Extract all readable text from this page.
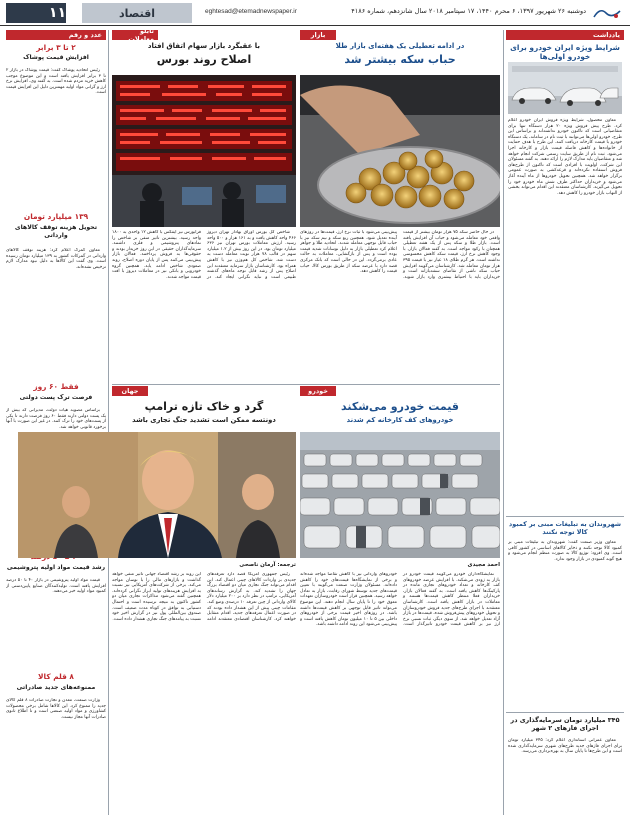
دوشنبه ۲۶ شهریور ۱۳۹۷، ۶ محرم ۱۴۴۰، ۱۷ سپتامبر ۲۰۱۸ سال شانزدهم، شماره ۴۱۸۶
eghtesad@etemadnewspaper.ir
اقتصاد
۱۱
یادداشت
شرایط ویژه ایران خودرو برای خودرو اولی‌ها

معاون محصول، شرایط ویژه فروش ایران خودرو اعلام کرد. طرح پیش فروش ویژه ۲۰ هزار دستگاه تنها برای متقاضیانی است که تاکنون خودرو نداشته‌اند و براساس این طرح، خودرو اولی‌ها می‌توانند با ثبت نام در سامانه، یک دستگاه خودرو با قیمت کارخانه دریافت کنند. این طرح با هدف حمایت از خانواده‌ها و کاهش فاصله قیمت بازار و کارخانه اجرا می‌شود. ثبت نام از طریق سایت رسمی شرکت انجام خواهد شد و متقاضیان باید مدارک لازم را ارائه دهند. به گفته مسئولان این شرکت، اولویت با افرادی است که تاکنون از طرح‌های فروش استفاده نکرده‌اند و قرعه‌کشی به صورت عمومی برگزار خواهد شد. همچنین تحویل خودروها از ماه آینده آغاز می‌شود و خریداران حداکثر ظرف شش ماه خودرو خود را تحویل می‌گیرند. کارشناسان معتقدند این اقدام می‌تواند بخشی از التهاب بازار خودرو را کاهش دهد.

شهروندان به تبلیغات مبنی بر کمبود کالا توجه نکنند

معاون وزیر صنعت گفت: شهروندان به تبلیغات مبنی بر کمبود کالا توجه نکنند و ذخایر کالاهای اساسی در کشور کافی است. وی افزود: توزیع کالا به صورت منظم انجام می‌شود و هیچ گونه کمبودی در بازار وجود ندارد.

۳۴۵ میلیارد تومان سرمایه‌گذاری در اجرای فاز‌های ۲ شهر

معاون عمرانی استانداری اعلام کرد: ۳۴۵ میلیارد تومان برای اجرای فازهای جدید طرح‌های شهری سرمایه‌گذاری شده است و این طرح‌ها تا پایان سال به بهره‌برداری می‌رسد.

بازار
در ادامه تعطیلی یک هفته‌ای بازار طلا
حباب سکه بیشتر شد

در حال حاضر سکه ۷۵ هزار تومان بیشتر از قیمت واقعی خود معامله می‌شود و حباب آن افزایش یافته است. بازار طلا و سکه پس از یک هفته تعطیلی همچنان با رکود مواجه است. به گفته فعالان بازار، با وجود کاهش نرخ ارز، قیمت سکه کاهش محسوسی نداشته است. هر گرم طلای ۱۸ عیار نیز با قیمت ۳۹۵ هزار تومان معامله شد. کارشناسان می‌گویند افزایش حباب سکه ناشی از تقاضای سفته‌بازانه است و خریداران باید با احتیاط بیشتری وارد بازار شوند. پیش‌بینی می‌شود با ثبات نرخ ارز، قیمت‌ها در روزهای آینده تعدیل شود. همچنین ربع سکه و نیم سکه نیز با حباب قابل توجهی معامله شدند. اتحادیه طلا و جواهر اعلام کرد تعطیلی بازار به دلیل نوسانات شدید قیمت بوده است و پس از بازگشایی، معاملات به حالت عادی برمی‌گردد. این در حالی است که بانک مرکزی قصد دارد با عرضه سکه از طریق بورس کالا، حباب قیمت را کاهش دهد.

تابلو معاملات
با عقبگرد بازار سهام اتفاق افتاد
اصلاح روند بورس

شاخص کل بورس اوراق بهادار تهران دیروز ۴۶۶ واحد کاهش یافت و به ۱۶۱ هزار و ۵۰۰ واحد رسید. ارزش معاملات بورس تهران نیز ۶۳۶ میلیارد تومان بود. در این روز بیش از ۱.۲ میلیارد سهم در قالب ۷۸ هزار نوبت معامله دست به دست شد. شاخص کل هم‌وزن نیز با کاهش همراه بود. کارشناسان بازار سرمایه معتقدند این اصلاح پس از رشد قابل توجه ماه‌های گذشته طبیعی است و نباید نگرانی ایجاد کند. در فرابورس نیز آیفکس با کاهش ۱۲ واحدی به ۱۸۰۰ واحد رسید. بیشترین تاثیر منفی بر شاخص را نمادهای پتروشیمی و فلزی داشتند. سرمایه‌گذاران حقیقی در این روز خریدار بودند و حقوقی‌ها به فروش پرداختند. فعالان بازار پیش‌بینی می‌کنند پس از پایان دوره اصلاح، روند صعودی شاخص ادامه یابد. همچنین گروه خودرویی و بانکی نیز در معاملات دیروز با افت قیمت مواجه شدند.

عدد و رقم
۲ تا ۳ برابر
افزایش قیمت پوشاک

رئیس اتحادیه پوشاک گفت: قیمت پوشاک در بازار ۲ تا ۳ برابر افزایش یافته است و این موضوع موجب کاهش خرید مردم شده است. به گفته وی، افزایش نرخ ارز و گرانی مواد اولیه مهمترین دلیل این افزایش قیمت است.

۱۳۹ میلیارد تومان
تحویل هزینه توقف کالاهای وارداتی

معاون گمرک اعلام کرد: هزینه توقف کالاهای وارداتی در گمرکات کشور به ۱۳۹ میلیارد تومان رسیده است. وی گفت این کالاها به دلیل نبود مدارک لازم ترخیص نشده‌اند.

فقط ۶۰ روز
فرصت ترک پست دولتی

براساس مصوبه هیات دولت، مدیرانی که بیش از یک پست دولتی دارند فقط ۶۰ روز فرصت دارند تا یکی از پست‌های خود را ترک کنند. در غیر این صورت با آنها برخورد قانونی خواهد شد.

رشد قیمت مواد اولیه پتروشیمی

قیمت مواد اولیه پتروشیمی در بازار ۴۰ تا ۵۰ درصد افزایش یافته است. تولیدکنندگان صنایع پایین‌دستی از کمبود مواد اولیه خبر می‌دهند.

۸ قلم کالا
ممنوعه‌های جدید صادراتی

وزارت صنعت، معدن و تجارت صادرات ۸ قلم کالای جدید را ممنوع کرد. این کالاها شامل برخی محصولات کشاورزی و مواد اولیه صنعتی است و تا اطلاع ثانوی صادرات آنها مجاز نیست.

خودرو
قیمت خودرو می‌شکند
خودروهای کف کارخانه کم شدند
احمد مجیدی

نمایشگاه‌داران خودرو می‌گویند قیمت خودرو در بازار به زودی می‌شکند. با افزایش عرضه خودروهای کف کارخانه و تعداد خودروهای تجاری مانده در پارکینگ‌ها کاهش یافته است. به گفته فعالان بازار، خریداران فعلا منتظر کاهش قیمت‌ها هستند و معاملات در بازار کاهش یافته است. کارشناسان معتقدند با اجرای طرح‌های جدید فروش خودروسازان و تحویل خودروهای پیش‌فروش شده، قیمت‌ها در بازار آزاد تعدیل خواهد شد. از سوی دیگر، ثبات نسبی نرخ ارز نیز بر کاهش قیمت خودرو تاثیرگذار است. خودروهای وارداتی نیز با کاهش تقاضا مواجه شده‌اند و برخی از نمایشگاه‌ها قیمت‌های خود را کاهش داده‌اند. مسئولان وزارت صنعت می‌گویند با تعیین قیمت‌های جدید توسط شورای رقابت، بازار به تعادل خواهد رسید. همچنین قرار است خودروسازان تعهدات معوق خود را تا پایان سال انجام دهند. این موضوع می‌تواند تاثیر قابل توجهی بر کاهش قیمت‌ها داشته باشد. در روزهای اخیر قیمت برخی از خودروهای داخلی بین ۵ تا ۱۰ میلیون تومان کاهش یافته است و پیش‌بینی می‌شود این روند ادامه داشته باشد.

جهان
گرد و خاک تازه ترامپ
دونتسه ممکن است تشدید جنگ تجاری باشد
ترجمه: آرمان ناصحی

رئیس جمهوری آمریکا قصد دارد تعرفه‌های جدیدی بر واردات کالاهای چینی اعمال کند. این اقدام می‌تواند جنگ تجاری میان دو اقتصاد بزرگ جهان را تشدید کند. به گزارش رسانه‌های آمریکایی، ترامپ در نظر دارد بر ۲۰۰ میلیارد دلار کالای وارداتی از چین تعرفه ۱۰ درصدی وضع کند. مقامات چینی پیش از این هشدار داده بودند که در صورت اعمال تعرفه‌های جدید، اقدام متقابل خواهند کرد. کارشناسان اقتصادی معتقدند ادامه این روند بر رشد اقتصاد جهانی تاثیر منفی خواهد گذاشت و بازارهای مالی را با نوسان مواجه می‌کند. برخی از شرکت‌های آمریکایی نیز نسبت به افزایش هزینه‌های تولید ابراز نگرانی کرده‌اند. همچنین گفته می‌شود مذاکرات تجاری میان دو کشور تاکنون به نتیجه نرسیده است و احتمال دستیابی به توافق در کوتاه مدت ضعیف است. صندوق بین‌المللی پول نیز در گزارش اخیر خود نسبت به پیامدهای جنگ تجاری هشدار داده است.
